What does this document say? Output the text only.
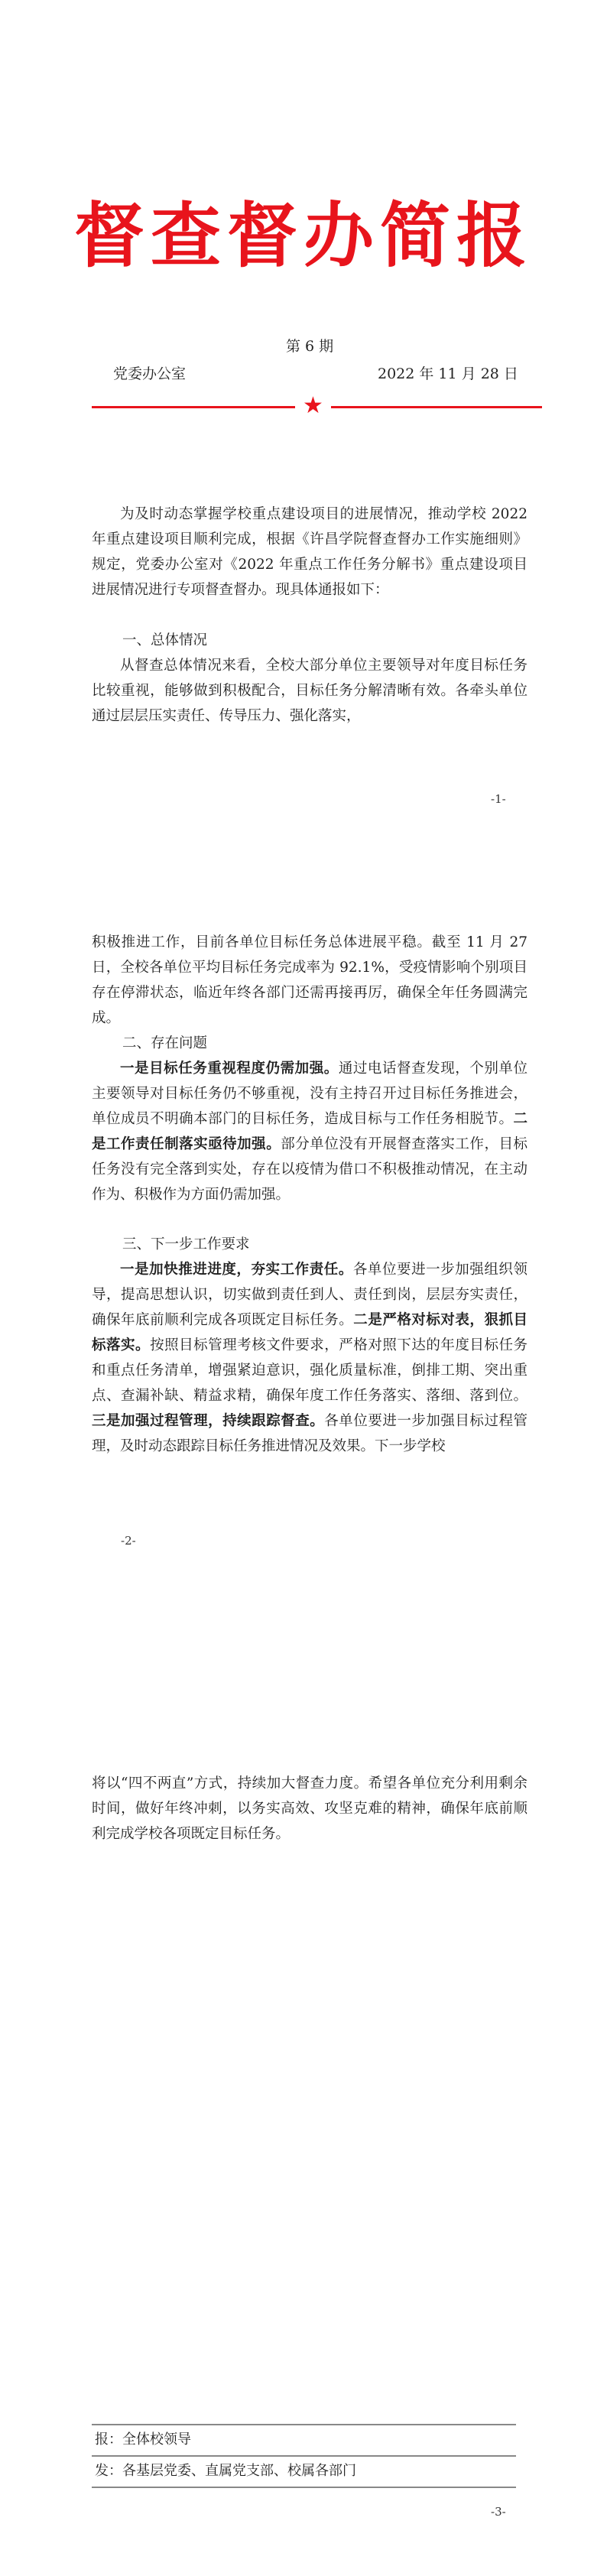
督查督办简报
第 6 期
党委办公室	2022 年 11 月 28 日
★

为及时动态掌握学校重点建设项目的进展情况，推动学校 2022 年重点建设项目顺利完成，根据《许昌学院督查督办工作实施细则》规定，党委办公室对《2022 年重点工作任务分解书》重点建设项目进展情况进行专项督查督办。现具体通报如下：

一、总体情况

从督查总体情况来看，全校大部分单位主要领导对年度目标任务比较重视，能够做到积极配合，目标任务分解清晰有效。各牵头单位通过层层压实责任、传导压力、强化落实，

-1-

积极推进工作，目前各单位目标任务总体进展平稳。截至 11 月 27 日，全校各单位平均目标任务完成率为 92.1%，受疫情影响个别项目存在停滞状态，临近年终各部门还需再接再厉，确保全年任务圆满完成。

二、存在问题

一是目标任务重视程度仍需加强。通过电话督查发现，个别单位主要领导对目标任务仍不够重视，没有主持召开过目标任务推进会，单位成员不明确本部门的目标任务，造成目标与工作任务相脱节。二是工作责任制落实亟待加强。部分单位没有开展督查落实工作，目标任务没有完全落到实处，存在以疫情为借口不积极推动情况，在主动作为、积极作为方面仍需加强。

三、下一步工作要求

一是加快推进进度，夯实工作责任。各单位要进一步加强组织领导，提高思想认识，切实做到责任到人、责任到岗，层层夯实责任，确保年底前顺利完成各项既定目标任务。二是严格对标对表，狠抓目标落实。按照目标管理考核文件要求，严格对照下达的年度目标任务和重点任务清单，增强紧迫意识，强化质量标准，倒排工期、突出重点、查漏补缺、精益求精，确保年度工作任务落实、落细、落到位。三是加强过程管理，持续跟踪督查。各单位要进一步加强目标过程管理，及时动态跟踪目标任务推进情况及效果。下一步学校

-2-

将以“四不两直”方式，持续加大督查力度。希望各单位充分利用剩余时间，做好年终冲刺，以务实高效、攻坚克难的精神，确保年底前顺利完成学校各项既定目标任务。

报：全体校领导
发：各基层党委、直属党支部、校属各部门
-3-
